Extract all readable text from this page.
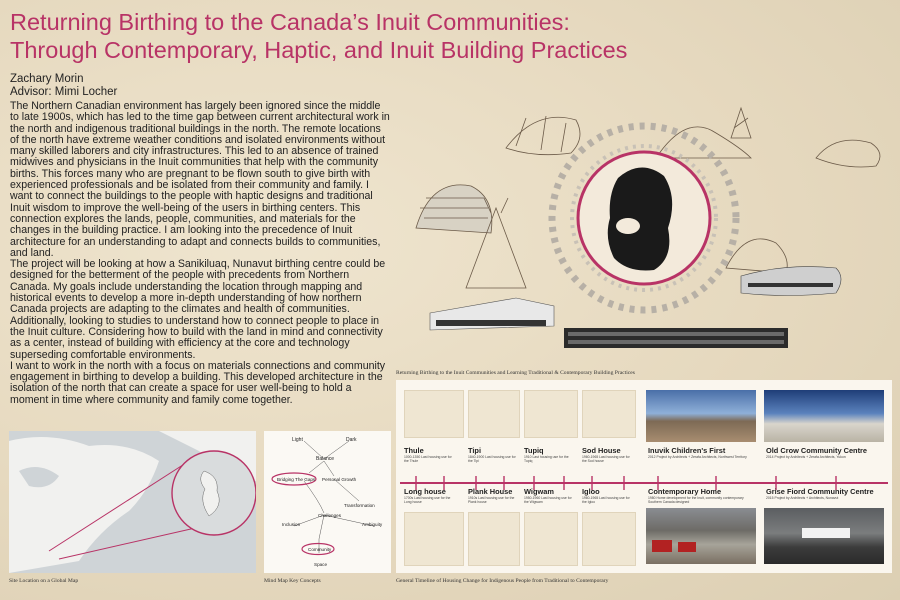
Returning Birthing to the Canada’s Inuit Communities:
Through Contemporary, Haptic, and Inuit Building Practices
Zachary Morin
Advisor: Mimi Locher

The Northern Canadian environment has largely been ignored since the middle to late 1900s, which has led to the time gap between current architectural work in the north and indigenous traditional buildings in the north. The remote locations of the north have extreme weather conditions and isolated environments without many skilled laborers and city infrastructures. This led to an absence of trained midwives and physicians in the Inuit communities that help with the community births. This forces many who are pregnant to be flown south to give birth with experienced professionals and be isolated from their community and family. I want to connect the buildings to the people with haptic designs and traditional Inuit wisdom to improve the well-being of the users in birthing centers. This connection explores the lands, people, communities, and materials for the changes in the building practice. I am looking into the precedence of Inuit architecture for an understanding to adapt and connects builds to communities, and land.

The project will be looking at how a Sanikiluaq, Nunavut birthing centre could be designed for the betterment of the people with precedents from Northern Canada. My goals include understanding the location through mapping and historical events to develop a more in-depth understanding of how northern Canada projects are adapting to the climates and health of communities. Additionally, looking to studies to understand how to connect people to place in the Inuit culture. Considering how to build with the land in mind and connectivity as a center, instead of building with efficiency at the core and technology superseding comfortable environments.

I want to work in the north with a focus on materials connections and community engagement in birthing to develop a building. This developed architecture in the isolation of the north that can create a space for user well-being to hold a moment in time where community and family come together.

Returning Birthing to the Inuit Communities and Learning Traditional & Contemporary Building Practices
Site Location on a Global Map
Light	Dark
Balance
Bridging The Gaps Personal Growth
Transformation
Inclusion
Challenges
Ambiguity
Community
Space
Mind Map Key Concepts
Thule
1000-1350 Last housing use for the Thule
Tipi
1840-1900 Last housing use for the Tipi
Tupiq
1910 Last housing use for the Tupiq
Sod House
1960-1965 Last housing use for the Sod house
Inuvik Children's First
2012 Project by Architects + Zerafa Architects, Northwest Territory
Old Crow Community Centre
2014 Project by Architects + Zerafa Architects, Yukon
Long house
1700s Last housing use for the Long house
Plank House
1910s Last housing use for the Plank house
Wigwam
1950-1960 Last housing use for the Wigwam
Igloo
1960-1965 Last housing use for the Igloo
Contemporary Home
1980 Home development for the Inuit, community contemporary Southern Canada designed
Grise Fiord Community Centre
2015 Project by Architects + Architects, Nunavut
General Timeline of Housing Change for Indigenous People from Traditional to Contemporary
